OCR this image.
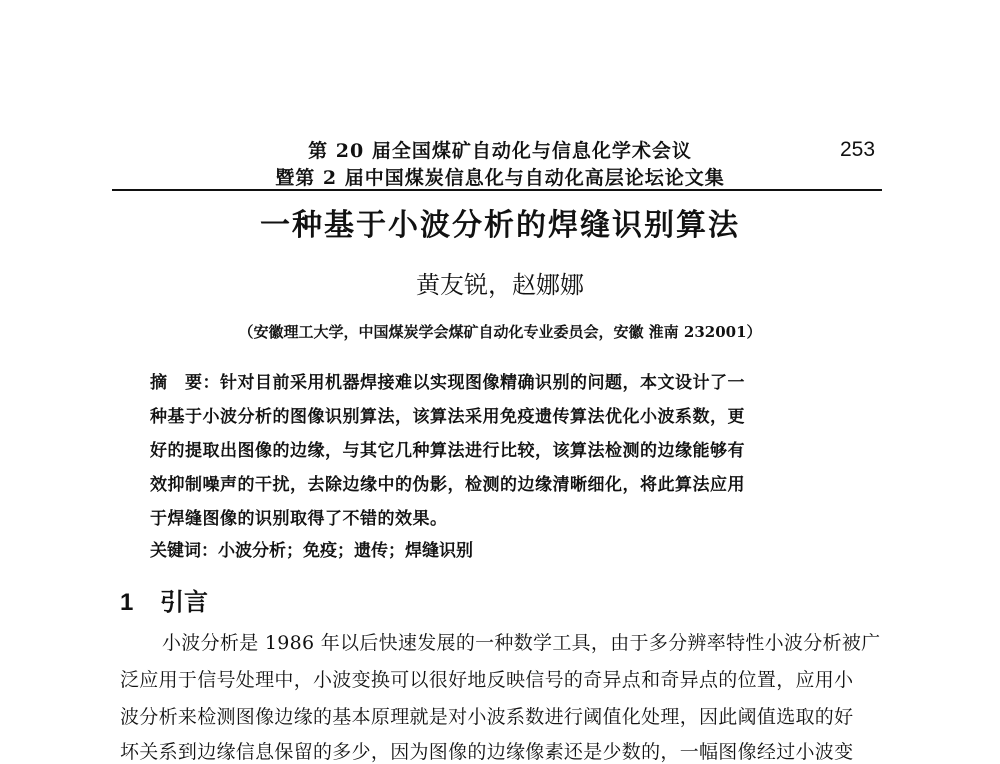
第 20 届全国煤矿自动化与信息化学术会议
暨第 2 届中国煤炭信息化与自动化高层论坛论文集
253
一种基于小波分析的焊缝识别算法
黄友锐，赵娜娜
（安徽理工大学，中国煤炭学会煤矿自动化专业委员会，安徽 淮南 232001）
摘　要：针对目前采用机器焊接难以实现图像精确识别的问题，本文设计了一
种基于小波分析的图像识别算法，该算法采用免疫遗传算法优化小波系数，更
好的提取出图像的边缘，与其它几种算法进行比较，该算法检测的边缘能够有
效抑制噪声的干扰，去除边缘中的伪影，检测的边缘清晰细化，将此算法应用
于焊缝图像的识别取得了不错的效果。
关键词：小波分析；免疫；遗传；焊缝识别
1 引言
小波分析是 1986 年以后快速发展的一种数学工具，由于多分辨率特性小波分析被广
泛应用于信号处理中，小波变换可以很好地反映信号的奇异点和奇异点的位置，应用小
波分析来检测图像边缘的基本原理就是对小波系数进行阈值化处理，因此阈值选取的好
坏关系到边缘信息保留的多少，因为图像的边缘像素还是少数的，一幅图像经过小波变
